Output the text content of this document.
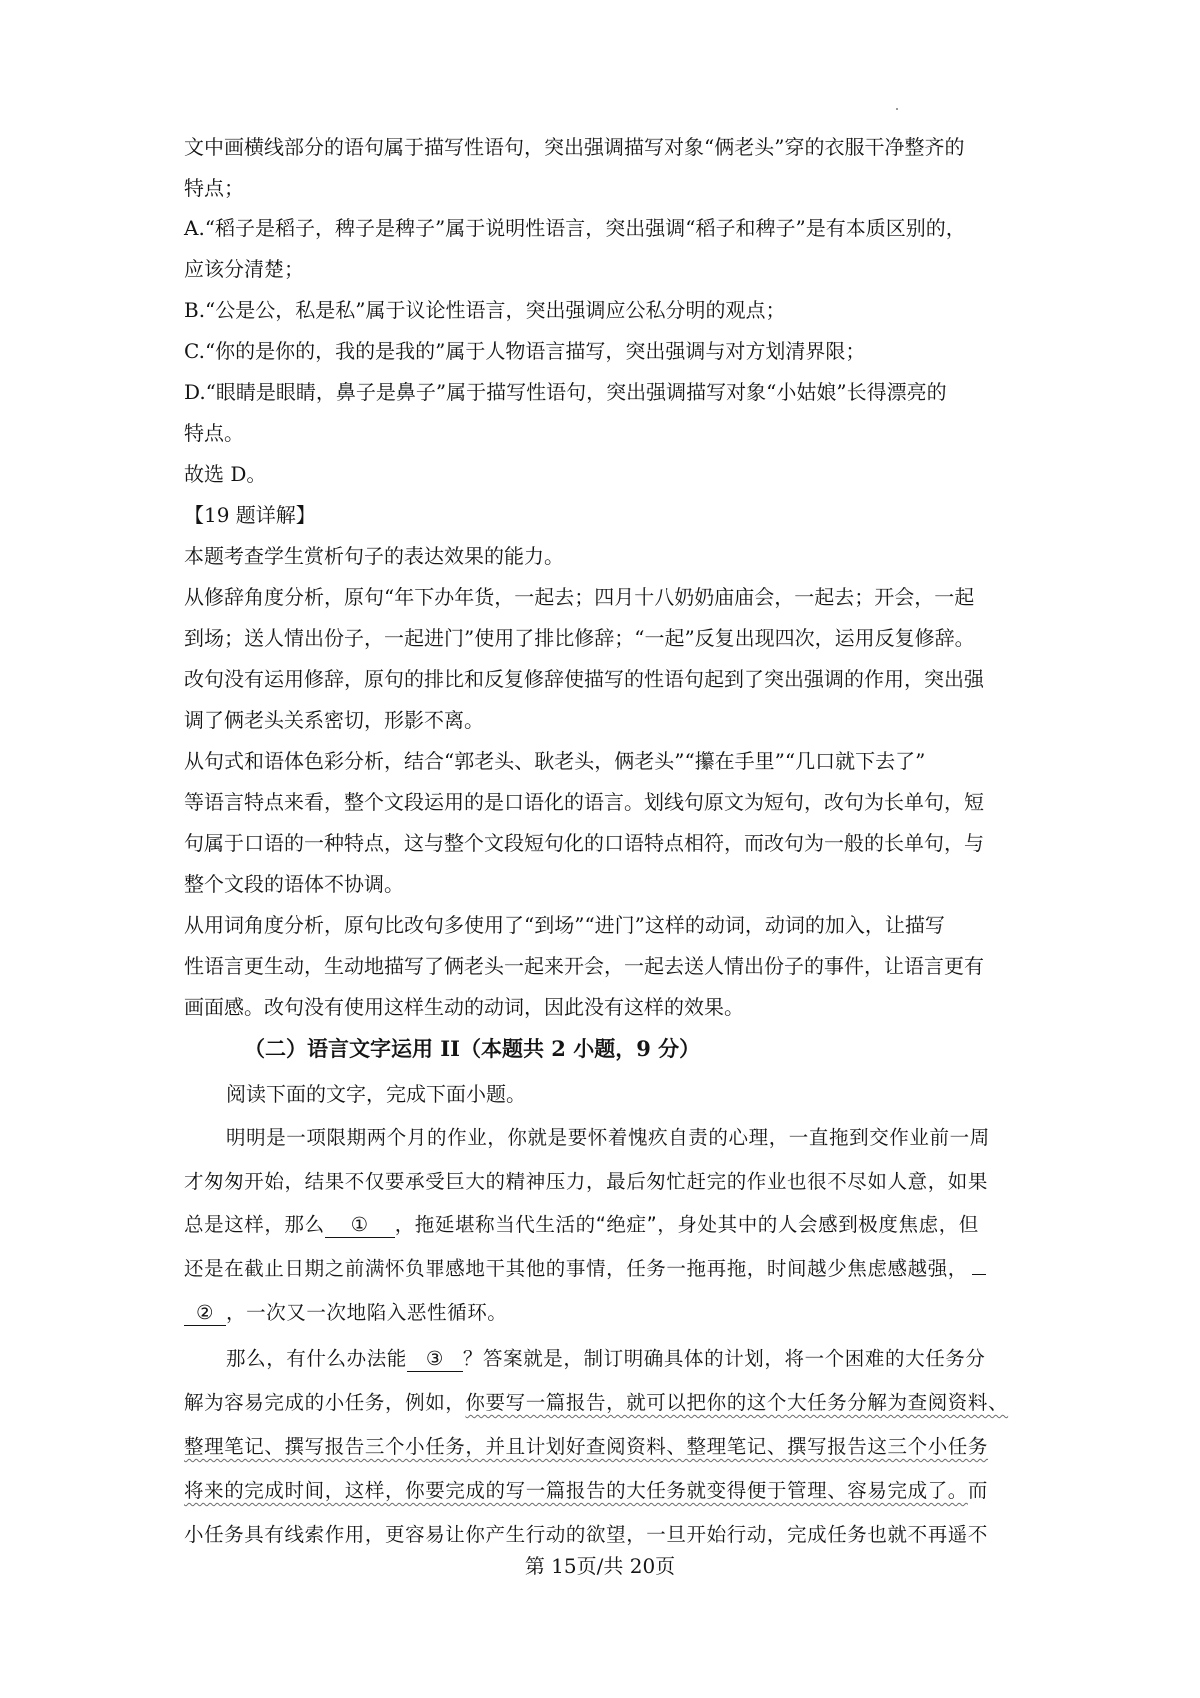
文中画横线部分的语句属于描写性语句，突出强调描写对象“俩老头”穿的衣服干净整齐的
特点；
A.“稻子是稻子，稗子是稗子”属于说明性语言，突出强调“稻子和稗子”是有本质区别的，
应该分清楚；
B.“公是公，私是私”属于议论性语言，突出强调应公私分明的观点；
C.“你的是你的，我的是我的”属于人物语言描写，突出强调与对方划清界限；
D.“眼睛是眼睛，鼻子是鼻子”属于描写性语句，突出强调描写对象“小姑娘”长得漂亮的
特点。
故选 D。
【19 题详解】
本题考查学生赏析句子的表达效果的能力。
从修辞角度分析，原句“年下办年货，一起去；四月十八奶奶庙庙会，一起去；开会，一起
到场；送人情出份子，一起进门”使用了排比修辞；“一起”反复出现四次，运用反复修辞。
改句没有运用修辞，原句的排比和反复修辞使描写的性语句起到了突出强调的作用，突出强
调了俩老头关系密切，形影不离。
从句式和语体色彩分析，结合“郭老头、耿老头，俩老头”“攥在手里”“几口就下去了”
等语言特点来看，整个文段运用的是口语化的语言。划线句原文为短句，改句为长单句，短
句属于口语的一种特点，这与整个文段短句化的口语特点相符，而改句为一般的长单句，与
整个文段的语体不协调。
从用词角度分析，原句比改句多使用了“到场”“进门”这样的动词，动词的加入，让描写
性语言更生动，生动地描写了俩老头一起来开会，一起去送人情出份子的事件，让语言更有
画面感。改句没有使用这样生动的动词，因此没有这样的效果。
（二）语言文字运用 II（本题共 2 小题，9 分）
阅读下面的文字，完成下面小题。
明明是一项限期两个月的作业，你就是要怀着愧疚自责的心理，一直拖到交作业前一周
才匆匆开始，结果不仅要承受巨大的精神压力，最后匆忙赶完的作业也很不尽如人意，如果
总是这样，那么 ① ，拖延堪称当代生活的“绝症”，身处其中的人会感到极度焦虑，但
还是在截止日期之前满怀负罪感地干其他的事情，任务一拖再拖，时间越少焦虑感越强，
② ，一次又一次地陷入恶性循环。
那么，有什么办法能 ③ ？答案就是，制订明确具体的计划，将一个困难的大任务分
解为容易完成的小任务，例如，你要写一篇报告，就可以把你的这个大任务分解为查阅资料、
整理笔记、撰写报告三个小任务，并且计划好查阅资料、整理笔记、撰写报告这三个小任务
将来的完成时间，这样，你要完成的写一篇报告的大任务就变得便于管理、容易完成了。而
小任务具有线索作用，更容易让你产生行动的欲望，一旦开始行动，完成任务也就不再遥不
第 15页/共 20页
